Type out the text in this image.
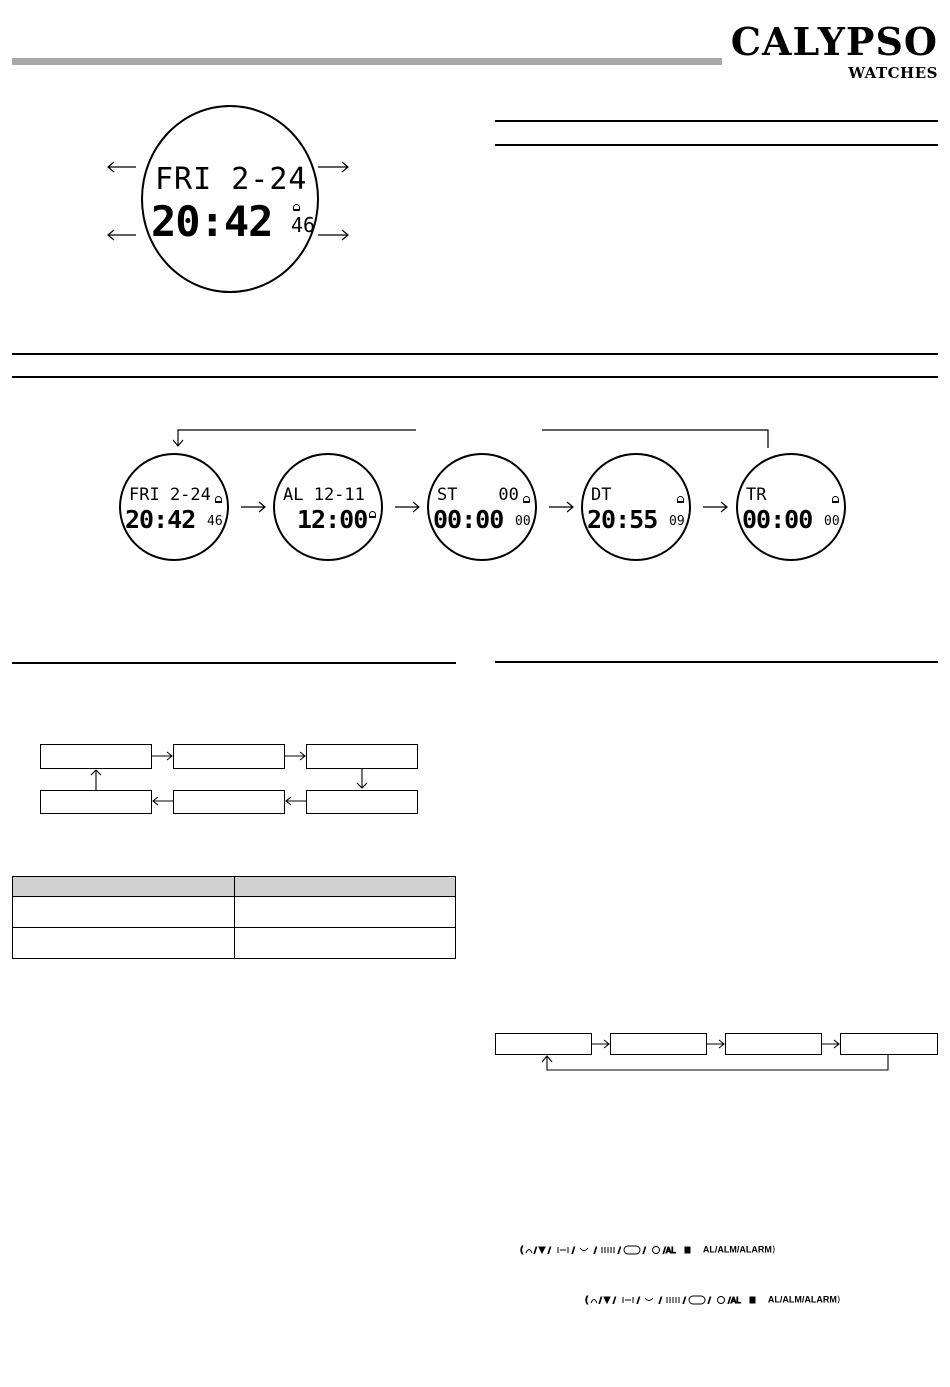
CALYPSO
WATCHES
FRI 2-24
20:42 46
FRI 2-24
20:42 46
AL 12-11
12:00
ST    00
00:00 00
DT
20:55 09
TR
00:00 00

( / /	/ /	/	/ /AL	AL/ALM/ALARM)
( / /	/ /	/	/ /AL	AL/ALM/ALARM)
